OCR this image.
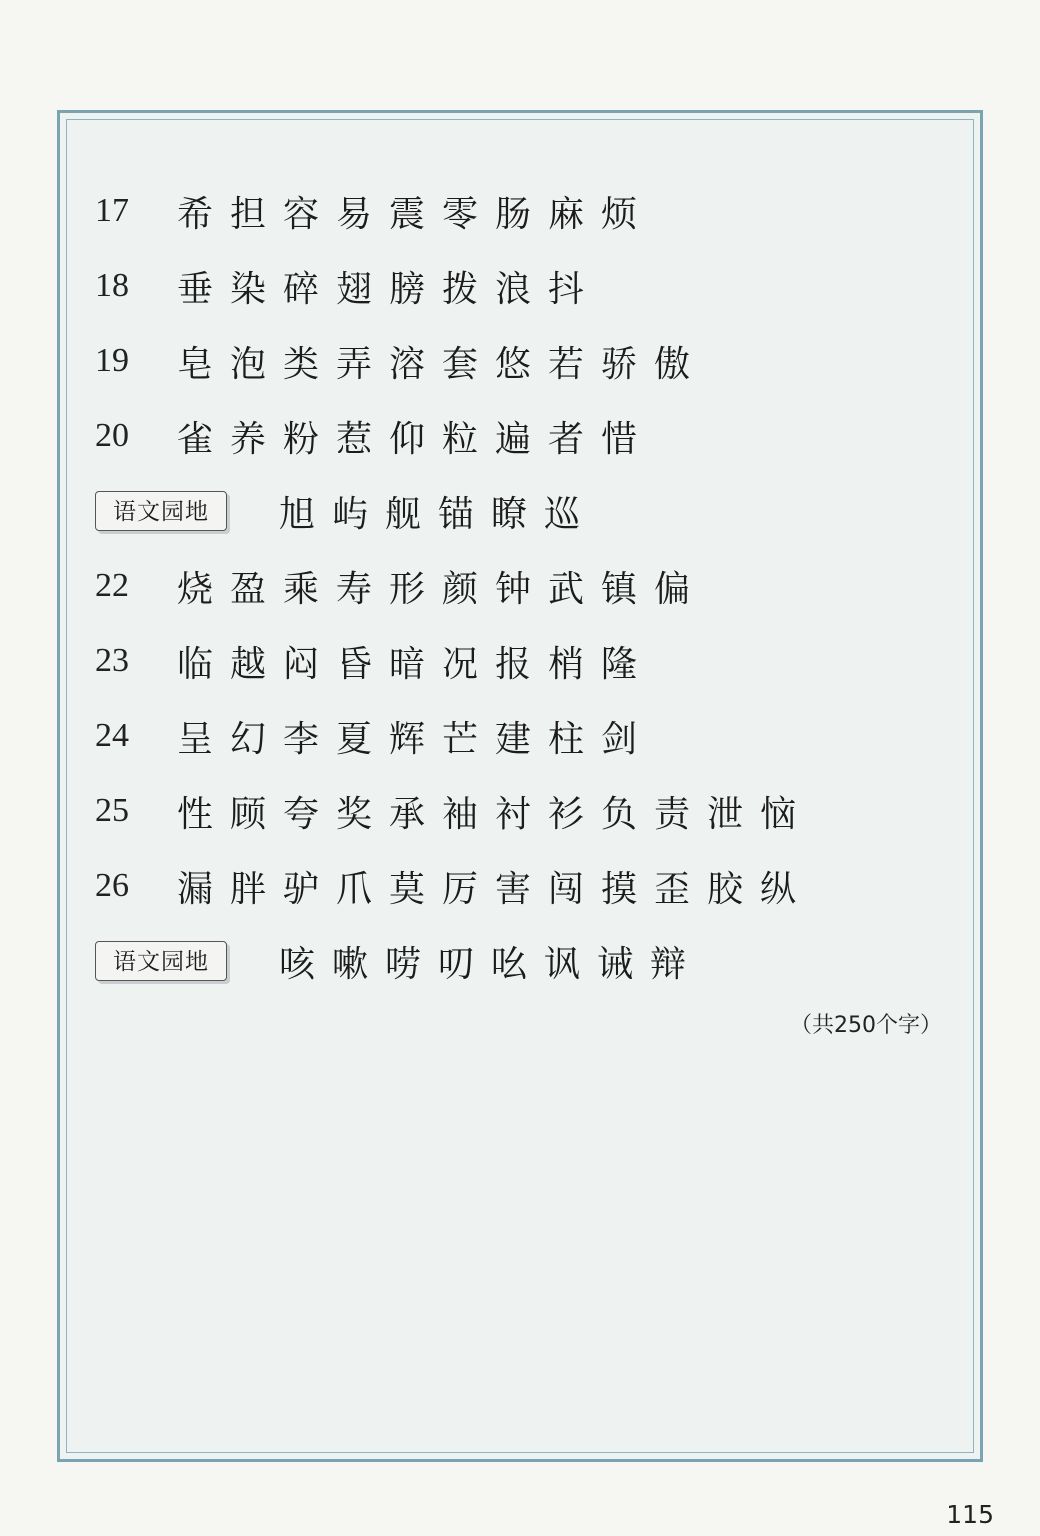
17	希担容易震零肠麻烦
18	垂染碎翅膀拨浪抖
19	皂泡类弄溶套悠若骄傲
20	雀养粉惹仰粒遍者惜
语文园地	旭屿舰锚瞭巡
22	烧盈乘寿形颜钟武镇偏
23	临越闷昏暗况报梢隆
24	呈幻李夏辉芒建柱剑
25	性顾夸奖承袖衬衫负责泄恼
26	漏胖驴爪莫厉害闯摸歪胶纵
语文园地	咳嗽唠叨吆讽诫辩
（共250个字）
115
